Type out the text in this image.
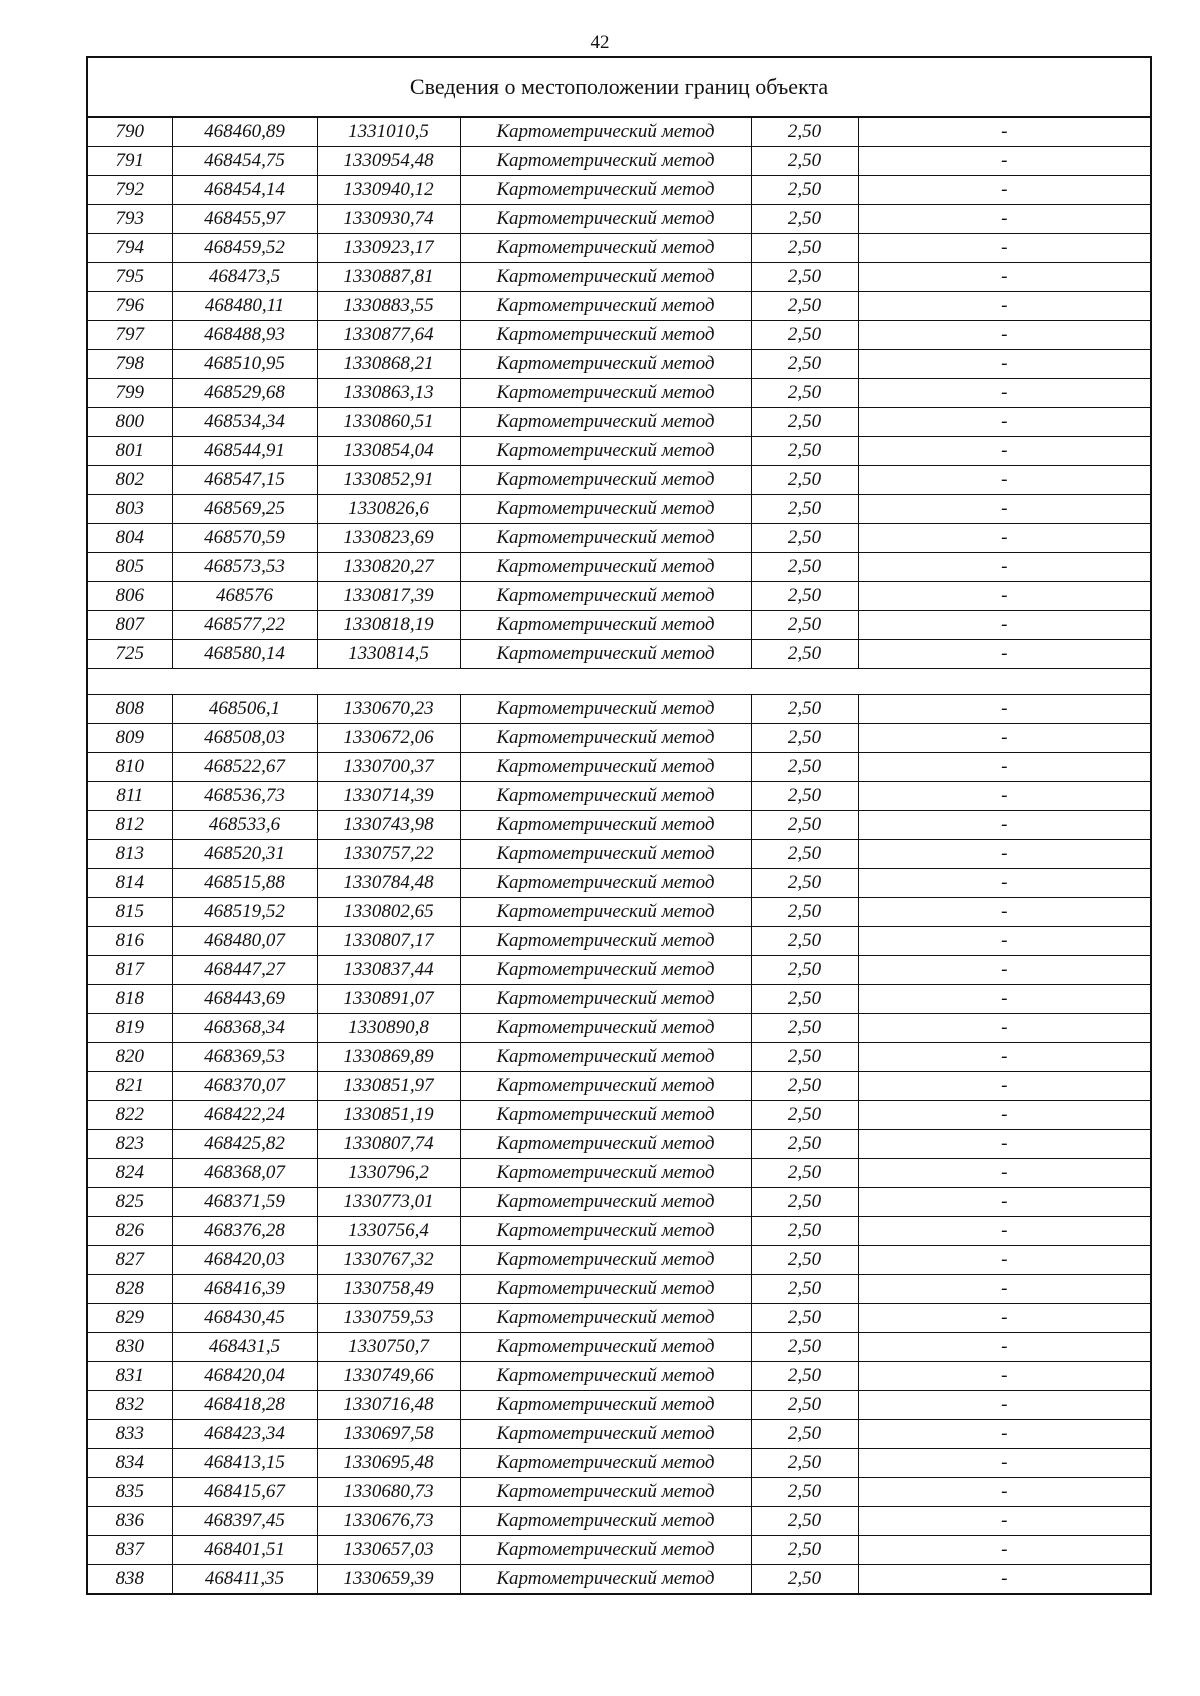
42
Сведения о местоположении границ объекта					
790	468460,89	1331010,5	Картометрический метод	2,50	-
791	468454,75	1330954,48	Картометрический метод	2,50	-
792	468454,14	1330940,12	Картометрический метод	2,50	-
793	468455,97	1330930,74	Картометрический метод	2,50	-
794	468459,52	1330923,17	Картометрический метод	2,50	-
795	468473,5	1330887,81	Картометрический метод	2,50	-
796	468480,11	1330883,55	Картометрический метод	2,50	-
797	468488,93	1330877,64	Картометрический метод	2,50	-
798	468510,95	1330868,21	Картометрический метод	2,50	-
799	468529,68	1330863,13	Картометрический метод	2,50	-
800	468534,34	1330860,51	Картометрический метод	2,50	-
801	468544,91	1330854,04	Картометрический метод	2,50	-
802	468547,15	1330852,91	Картометрический метод	2,50	-
803	468569,25	1330826,6	Картометрический метод	2,50	-
804	468570,59	1330823,69	Картометрический метод	2,50	-
805	468573,53	1330820,27	Картометрический метод	2,50	-
806	468576	1330817,39	Картометрический метод	2,50	-
807	468577,22	1330818,19	Картометрический метод	2,50	-
725	468580,14	1330814,5	Картометрический метод	2,50	-

808	468506,1	1330670,23	Картометрический метод	2,50	-
809	468508,03	1330672,06	Картометрический метод	2,50	-
810	468522,67	1330700,37	Картометрический метод	2,50	-
811	468536,73	1330714,39	Картометрический метод	2,50	-
812	468533,6	1330743,98	Картометрический метод	2,50	-
813	468520,31	1330757,22	Картометрический метод	2,50	-
814	468515,88	1330784,48	Картометрический метод	2,50	-
815	468519,52	1330802,65	Картометрический метод	2,50	-
816	468480,07	1330807,17	Картометрический метод	2,50	-
817	468447,27	1330837,44	Картометрический метод	2,50	-
818	468443,69	1330891,07	Картометрический метод	2,50	-
819	468368,34	1330890,8	Картометрический метод	2,50	-
820	468369,53	1330869,89	Картометрический метод	2,50	-
821	468370,07	1330851,97	Картометрический метод	2,50	-
822	468422,24	1330851,19	Картометрический метод	2,50	-
823	468425,82	1330807,74	Картометрический метод	2,50	-
824	468368,07	1330796,2	Картометрический метод	2,50	-
825	468371,59	1330773,01	Картометрический метод	2,50	-
826	468376,28	1330756,4	Картометрический метод	2,50	-
827	468420,03	1330767,32	Картометрический метод	2,50	-
828	468416,39	1330758,49	Картометрический метод	2,50	-
829	468430,45	1330759,53	Картометрический метод	2,50	-
830	468431,5	1330750,7	Картометрический метод	2,50	-
831	468420,04	1330749,66	Картометрический метод	2,50	-
832	468418,28	1330716,48	Картометрический метод	2,50	-
833	468423,34	1330697,58	Картометрический метод	2,50	-
834	468413,15	1330695,48	Картометрический метод	2,50	-
835	468415,67	1330680,73	Картометрический метод	2,50	-
836	468397,45	1330676,73	Картометрический метод	2,50	-
837	468401,51	1330657,03	Картометрический метод	2,50	-
838	468411,35	1330659,39	Картометрический метод	2,50	-
